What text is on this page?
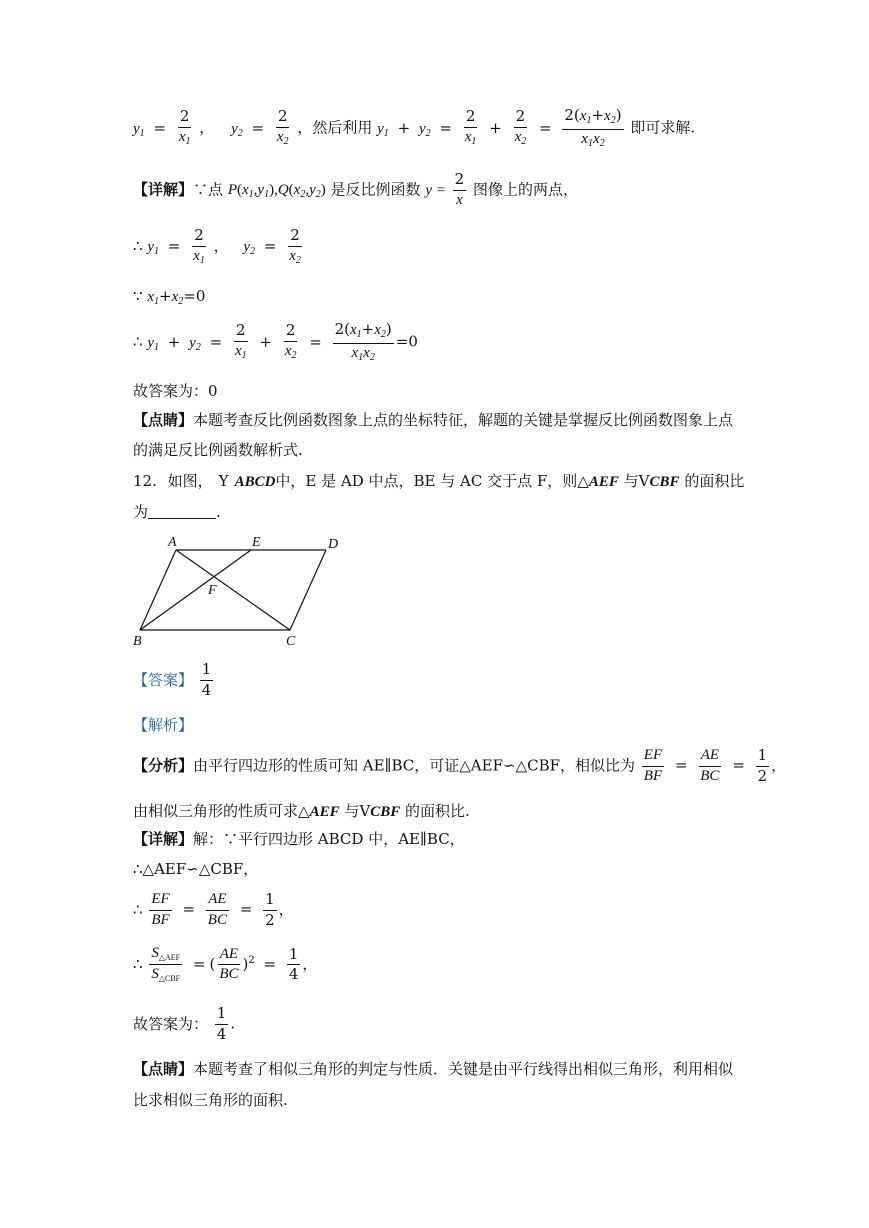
$y_1 = \frac{2}{x_1}$ ， $y_2 = \frac{2}{x_2}$ ，然后利用 $y_1 + y_2 = \frac{2}{x_1} + \frac{2}{x_2} = \frac{2(x_1+x_2)}{x_1x_2}$ 即可求解.
【详解】∵点 $P(x_1,y_1),Q(x_2,y_2)$ 是反比例函数 $y = \frac{2}{x}$ 图像上的两点，
∴ $y_1 = \frac{2}{x_1}$ ， $y_2 = \frac{2}{x_2}$
∵ $x_1+x_2=0$
∴ $y_1 + y_2 = \frac{2}{x_1} + \frac{2}{x_2} = \frac{2(x_1+x_2)}{x_1x_2} =0$
故答案为：0
【点睛】本题考查反比例函数图象上点的坐标特征，解题的关键是掌握反比例函数图象上点
的满足反比例函数解析式.
12. 如图， Y ABCD中，E 是 AD 中点，BE 与 AC 交于点 F，则△AEF 与VCBF 的面积比
为	.
A	E	D
F
B	C
【答案】 $\frac{1}{4}$
【解析】
【分析】由平行四边形的性质可知 AE∥BC，可证△AEF∽△CBF，相似比为 $\frac{EF}{BF} = \frac{AE}{BC} = \frac{1}{2}$ ，
由相似三角形的性质可求△AEF 与VCBF 的面积比.
【详解】解：∵平行四边形 ABCD 中，AE∥BC，
∴△AEF∽△CBF，
∴ $\frac{EF}{BF} = \frac{AE}{BC} = \frac{1}{2}$ ，
∴ $\frac{S_{\triangle AEF}}{S_{\triangle CBF}}$ = ( $\frac{AE}{BC} )^2 = \frac{1}{4}$ ，
故答案为： $\frac{1}{4}$ .
【点睛】本题考查了相似三角形的判定与性质．关键是由平行线得出相似三角形，利用相似
比求相似三角形的面积.
